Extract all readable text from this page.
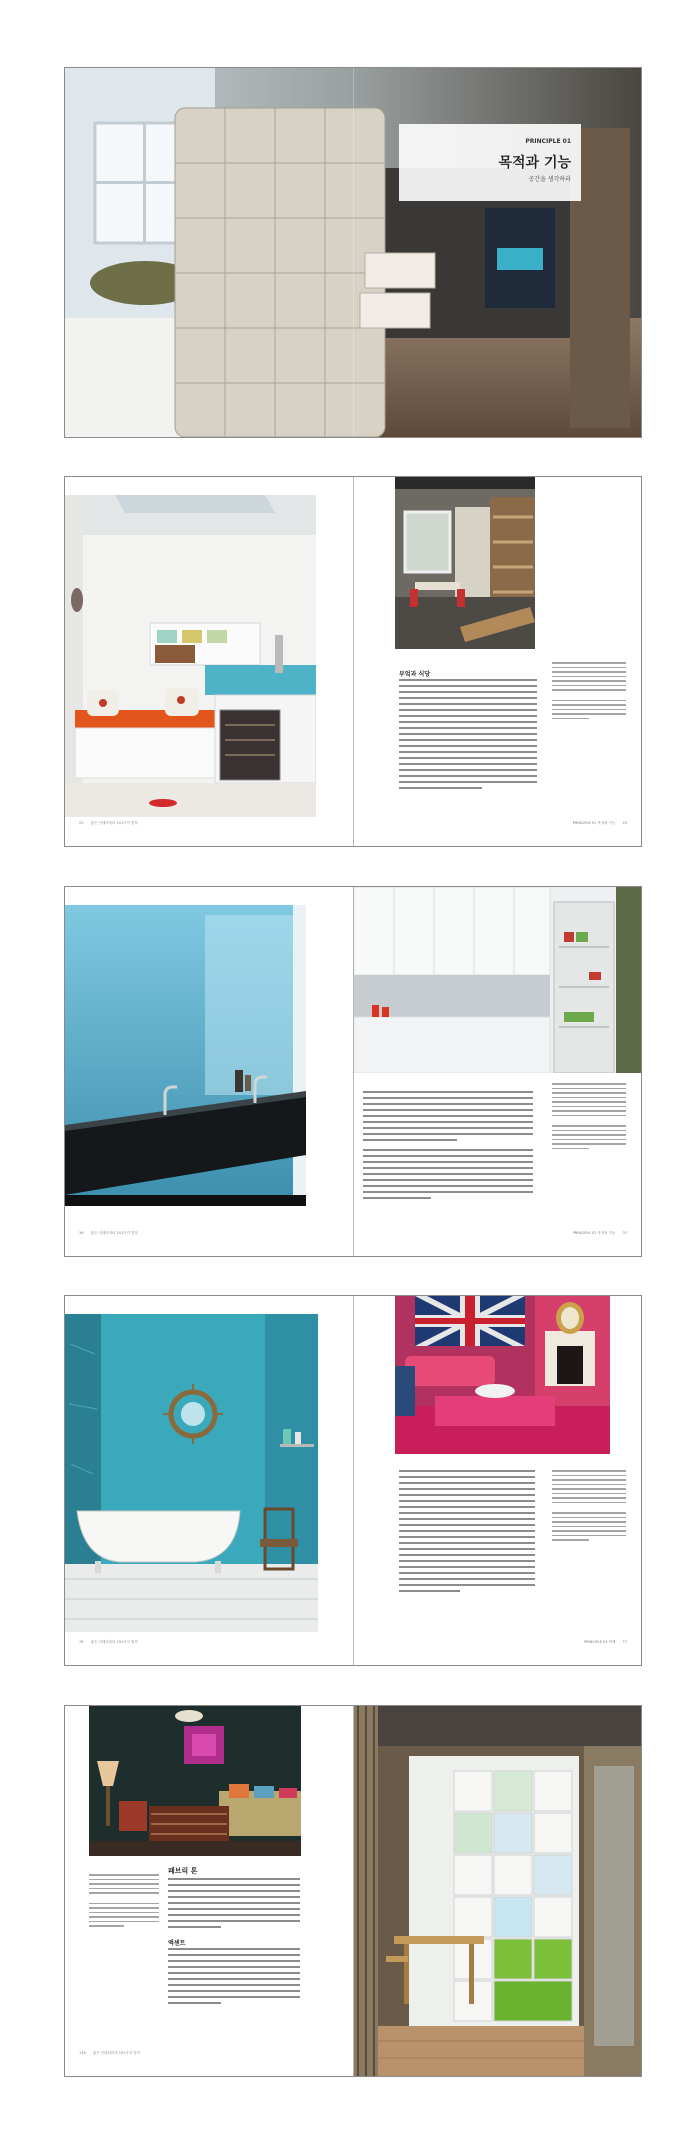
PRINCIPLE 01
목적과 기능
공간을 생각하라
부엌과 식당
22 좋은 인테리어의 101가지 법칙	PRINCIPLE 01 목적과 기능 23
36 좋은 인테리어의 101가지 법칙	PRINCIPLE 01 목적과 기능 37
76 좋은 인테리어의 101가지 법칙	PRINCIPLE 03 색채 77
패브릭 톤
액센트
116 좋은 인테리어의 101가지 법칙
